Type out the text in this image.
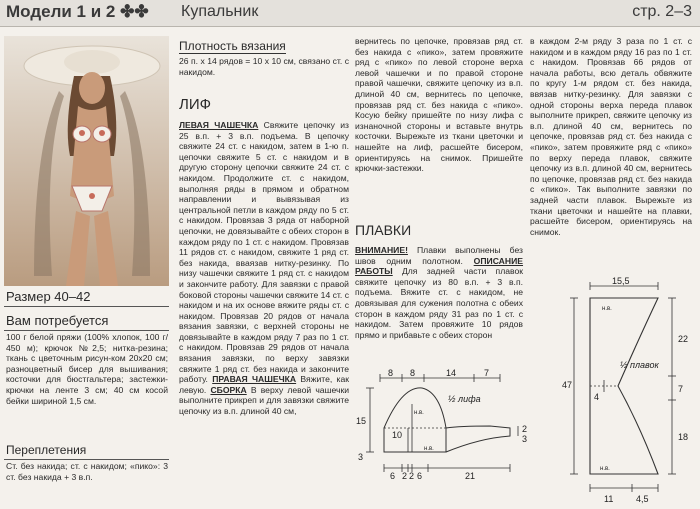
Модели 1 и 2 ✤✤ Купальник	стр. 2–3
Размер 40–42
Вам потребуется
100 г белой пряжи (100% хлопок, 100 г/ 450 м); крючок №2,5; нитка-резина; ткань с цветочным рисун-ком 20х20 см; разноцветный бисер для вышивания; косточки для бюстгальтера; застежки-крючки на ленте 3 см; 40 см косой бейки шириной 1,5 см.
Переплетения
Ст. без накида; ст. с накидом; «пико»: 3 ст. без накида + 3 в.п.
Плотность вязания
26 п. х 14 рядов = 10 х 10 см, связано ст. с накидом.
ЛИФ
ЛЕВАЯ ЧАШЕЧКА Свяжите цепочку из 25 в.п. + 3 в.п. подъема. В цепочку свяжите 24 ст. с накидом, затем в 1-ю п. цепочки свяжите 5 ст. с накидом и в другую сторону цепочки свяжите 24 ст. с накидом. Продолжите ст. с накидом, выполняя ряды в прямом и обратном направлении и вывязывая из центральной петли в каждом ряду по 5 ст. с накидом. Провязав 3 ряда от наборной цепочки, не довязывайте с обеих сторон в каждом ряду по 1 ст. с накидом. Провязав 11 рядов ст. с накидом, свяжите 1 ряд ст. без накида, вваязав нитку-резинку. По низу чашечки свяжите 1 ряд ст. с накидом и закончите работу. Для завязки с правой боковой стороны чашечки свяжите 14 ст. с накидом и на их основе вяжите ряды ст. с накидом. Провязав 20 рядов от начала вязания завязки, с верхней стороны не довязывайте в каждом ряду 7 раз по 1 ст. с накидом. Провязав 29 рядов от начала вязания завязки, по верху завязки свяжите 1 ряд ст. без накида и закончите работу. ПРАВАЯ ЧАШЕЧКА Вяжите, как левую. СБОРКА В верху левой чашечки выполните прикреп и для завязки свяжите цепочку из в.п. длиной 40 см,
вернитесь по цепочке, провязав ряд ст. без накида с «пико», затем провяжите ряд с «пико» по левой стороне верха левой чашечки и по правой стороне правой чашечки, свяжите цепочку из в.п. длиной 40 см, вернитесь по цепочке, провязав ряд ст. без накида с «пико». Косую бейку пришейте по низу лифа с изнаночной стороны и вставьте внутрь косточки. Вырежьте из ткани цветочки и нашейте на лиф, расшейте бисером, ориентируясь на снимок. Пришейте крючки-застежки.
ПЛАВКИ
ВНИМАНИЕ! Плавки выполнены без швов одним полотном. ОПИСАНИЕ РАБОТЫ Для задней части плавок свяжите цепочку из 80 в.п. + 3 в.п. подъема. Вяжите ст. с накидом, не довязывая для сужения полотна с обеих сторон в каждом ряду 31 раз по 1 ст. с накидом. Затем провяжите 10 рядов прямо и прибавьте с обеих сторон
в каждом 2-м ряду 3 раза по 1 ст. с накидом и в каждом ряду 16 раз по 1 ст. с накидом. Провязав 66 рядов от начала работы, всю деталь обвяжите по кругу 1-м рядом ст. без накида, ввязав нитку-резинку. Для завязки с одной стороны верха переда плавок выполните прикреп, свяжите цепочку из в.п. длиной 40 см, вернитесь по цепочке, провязав ряд ст. без накида с «пико», затем провяжите ряд с «пико» по верху переда плавок, свяжите цепочку из в.п. длиной 40 см, вернитесь по цепочке, провязав ряд ст. без накида с «пико». Так выполните завязки по задней части плавок. Вырежьте из ткани цветочки и нашейте на плавки, расшейте бисером, ориентируясь на снимок.
8 8	14	7
½ лифа
15
10
3
2
3
6 2 2 6	21
н.в.
н.в.
15,5
½ плавок
47
4
22
7
18
11	4,5
н.в.
н.в.
